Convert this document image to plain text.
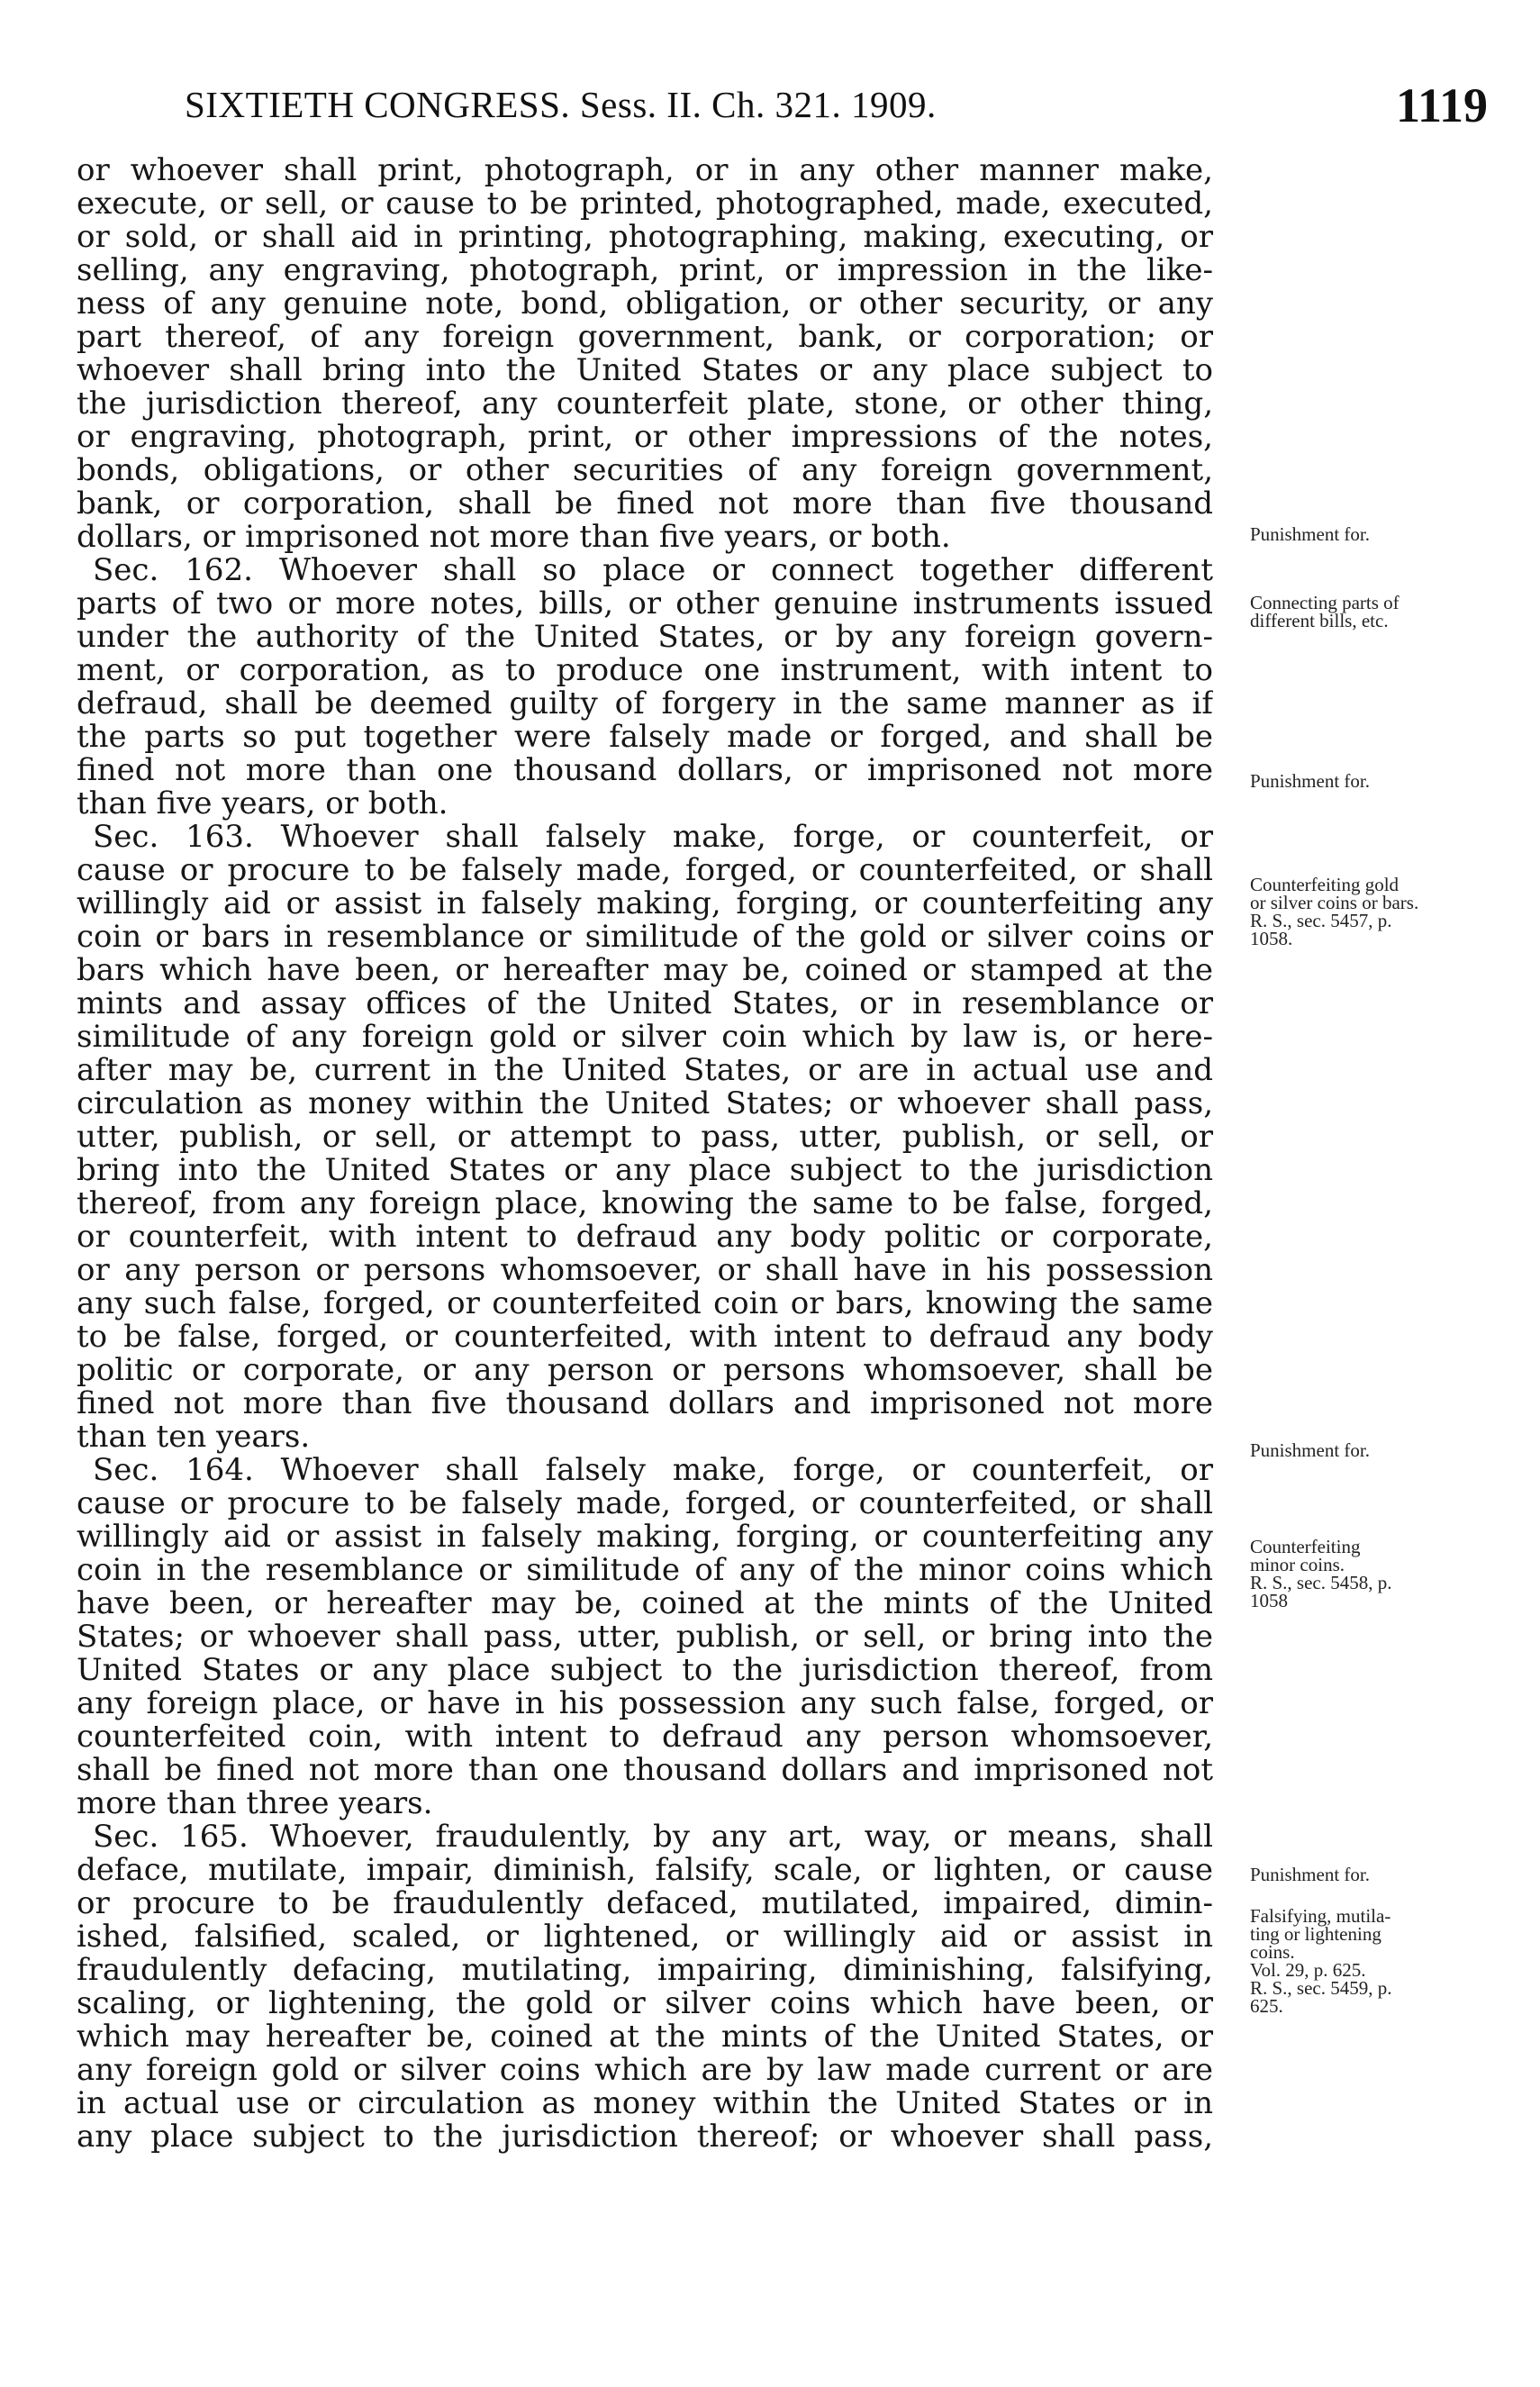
SIXTIETH CONGRESS. Sess. II. Ch. 321. 1909.	1119
or whoever shall print, photograph, or in any other manner make,
execute, or sell, or cause to be printed, photographed, made, executed,
or sold, or shall aid in printing, photographing, making, executing, or
selling, any engraving, photograph, print, or impression in the like-
ness of any genuine note, bond, obligation, or other security, or any
part thereof, of any foreign government, bank, or corporation; or
whoever shall bring into the United States or any place subject to
the jurisdiction thereof, any counterfeit plate, stone, or other thing,
or engraving, photograph, print, or other impressions of the notes,
bonds, obligations, or other securities of any foreign government,
bank, or corporation, shall be fined not more than five thousand
dollars, or imprisoned not more than five years, or both.
Sec. 162. Whoever shall so place or connect together different
parts of two or more notes, bills, or other genuine instruments issued
under the authority of the United States, or by any foreign govern-
ment, or corporation, as to produce one instrument, with intent to
defraud, shall be deemed guilty of forgery in the same manner as if
the parts so put together were falsely made or forged, and shall be
fined not more than one thousand dollars, or imprisoned not more
than five years, or both.
Sec. 163. Whoever shall falsely make, forge, or counterfeit, or
cause or procure to be falsely made, forged, or counterfeited, or shall
willingly aid or assist in falsely making, forging, or counterfeiting any
coin or bars in resemblance or similitude of the gold or silver coins or
bars which have been, or hereafter may be, coined or stamped at the
mints and assay offices of the United States, or in resemblance or
similitude of any foreign gold or silver coin which by law is, or here-
after may be, current in the United States, or are in actual use and
circulation as money within the United States; or whoever shall pass,
utter, publish, or sell, or attempt to pass, utter, publish, or sell, or
bring into the United States or any place subject to the jurisdiction
thereof, from any foreign place, knowing the same to be false, forged,
or counterfeit, with intent to defraud any body politic or corporate,
or any person or persons whomsoever, or shall have in his possession
any such false, forged, or counterfeited coin or bars, knowing the same
to be false, forged, or counterfeited, with intent to defraud any body
politic or corporate, or any person or persons whomsoever, shall be
fined not more than five thousand dollars and imprisoned not more
than ten years.
Sec. 164. Whoever shall falsely make, forge, or counterfeit, or
cause or procure to be falsely made, forged, or counterfeited, or shall
willingly aid or assist in falsely making, forging, or counterfeiting any
coin in the resemblance or similitude of any of the minor coins which
have been, or hereafter may be, coined at the mints of the United
States; or whoever shall pass, utter, publish, or sell, or bring into the
United States or any place subject to the jurisdiction thereof, from
any foreign place, or have in his possession any such false, forged, or
counterfeited coin, with intent to defraud any person whomsoever,
shall be fined not more than one thousand dollars and imprisoned not
more than three years.
Sec. 165. Whoever, fraudulently, by any art, way, or means, shall
deface, mutilate, impair, diminish, falsify, scale, or lighten, or cause
or procure to be fraudulently defaced, mutilated, impaired, dimin-
ished, falsified, scaled, or lightened, or willingly aid or assist in
fraudulently defacing, mutilating, impairing, diminishing, falsifying,
scaling, or lightening, the gold or silver coins which have been, or
which may hereafter be, coined at the mints of the United States, or
any foreign gold or silver coins which are by law made current or are
in actual use or circulation as money within the United States or in
any place subject to the jurisdiction thereof; or whoever shall pass,
Punishment for.
Connecting parts of
different bills, etc.
Punishment for.
Counterfeiting gold
or silver coins or bars.
R. S., sec. 5457, p.
1058.
Punishment for.
Counterfeiting
minor coins.
R. S., sec. 5458, p.
1058
Punishment for.
Falsifying, mutila-
ting or lightening
coins.
Vol. 29, p. 625.
R. S., sec. 5459, p.
625.
